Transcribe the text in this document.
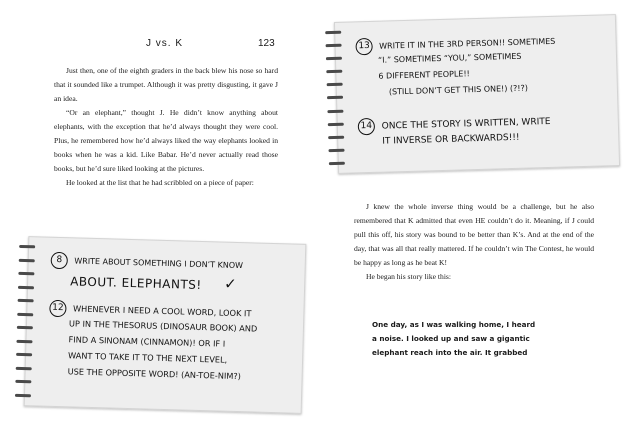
J vs. K	123

Just then, one of the eighth graders in the back blew his nose so hard that it sounded like a trumpet. Although it was pretty disgusting, it gave J an idea.

“Or an elephant,” thought J. He didn’t know anything about elephants, with the exception that he’d always thought they were cool. Plus, he remembered how he’d always liked the way elephants looked in books when he was a kid. Like Babar. He’d never actually read those books, but he’d sure liked looking at the pictures.

He looked at the list that he had scribbled on a piece of paper:

8 WRITE ABOUT SOMETHING I DON’T KNOW
ABOUT. ELEPHANTS! ✓
12 WHENEVER I NEED A COOL WORD, LOOK IT
UP IN THE THESORUS (DINOSAUR BOOK) AND
FIND A SINONAM (CINNAMON)! OR IF I
WANT TO TAKE IT TO THE NEXT LEVEL,
USE THE OPPOSITE WORD! (AN-TOE-NIM?)
13 WRITE IT IN THE 3RD PERSON!! SOMETIMES
“I.” SOMETIMES “YOU,” SOMETIMES
6 DIFFERENT PEOPLE!!
(STILL DON’T GET THIS ONE!) (?!?)
14 ONCE THE STORY IS WRITTEN, WRITE
IT INVERSE OR BACKWARDS!!!

J knew the whole inverse thing would be a challenge, but he also remembered that K admitted that even HE couldn’t do it. Meaning, if J could pull this off, his story was bound to be better than K’s. And at the end of the day, that was all that really mattered. If he couldn’t win The Contest, he would be happy as long as he beat K!

He began his story like this:

One day, as I was walking home, I heard

a noise. I looked up and saw a gigantic

elephant reach into the air. It grabbed
